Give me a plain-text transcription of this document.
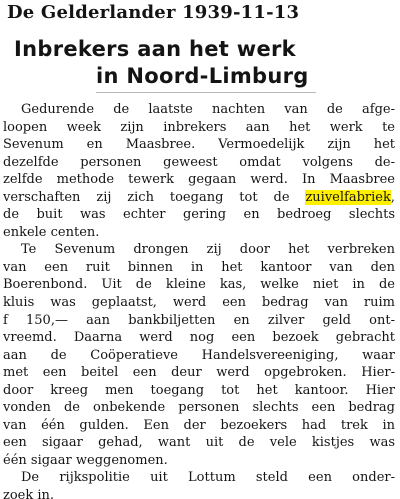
De Gelderlander 1939-11-13
Inbrekers aan het werk
in Noord-Limburg
Gedurende de laatste nachten van de afge-
loopen week zijn inbrekers aan het werk te
Sevenum en Maasbree. Vermoedelijk zijn het
dezelfde personen geweest omdat volgens de-
zelfde methode tewerk gegaan werd. In Maasbree
verschaften zij zich toegang tot de zuivelfabriek,
de buit was echter gering en bedroeg slechts
enkele centen.
Te Sevenum drongen zij door het verbreken
van een ruit binnen in het kantoor van den
Boerenbond. Uit de kleine kas, welke niet in de
kluis was geplaatst, werd een bedrag van ruim
f 150,— aan bankbiljetten en zilver geld ont-
vreemd. Daarna werd nog een bezoek gebracht
aan de Coöperatieve Handelsvereeniging, waar
met een beitel een deur werd opgebroken. Hier-
door kreeg men toegang tot het kantoor. Hier
vonden de onbekende personen slechts een bedrag
van één gulden. Een der bezoekers had trek in
een sigaar gehad, want uit de vele kistjes was
één sigaar weggenomen.
De rijkspolitie uit Lottum steld een onder-
zoek in.
